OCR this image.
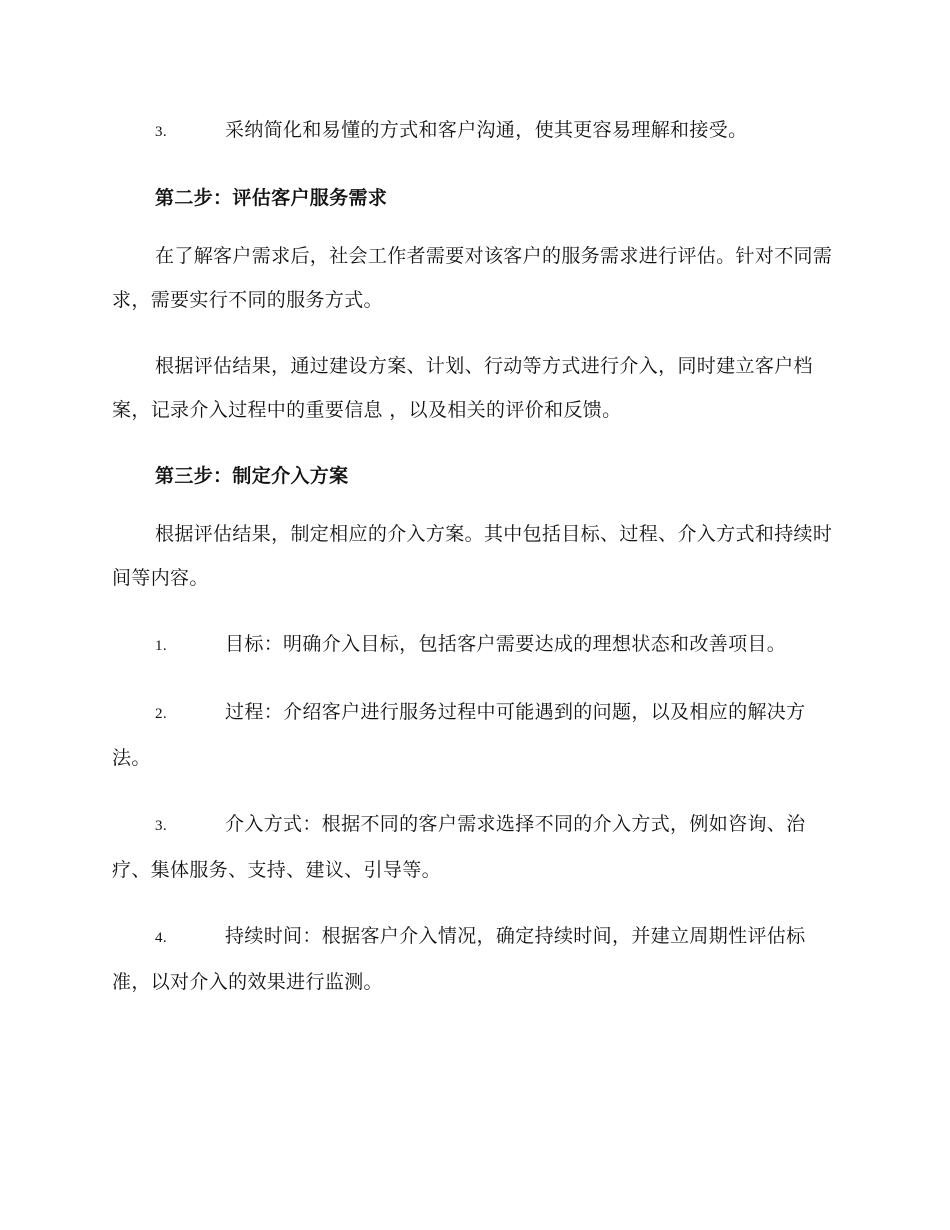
3.	采纳简化和易懂的方式和客户沟通，使其更容易理解和接受。

第二步：评估客户服务需求

在了解客户需求后，社会工作者需要对该客户的服务需求进行评估。针对不同需求，需要实行不同的服务方式。

根据评估结果，通过建设方案、计划、行动等方式进行介入，同时建立客户档案，记录介入过程中的重要信息 ，以及相关的评价和反馈。

第三步：制定介入方案

根据评估结果，制定相应的介入方案。其中包括目标、过程、介入方式和持续时间等内容。

1.	目标：明确介入目标，包括客户需要达成的理想状态和改善项目。

2.	过程：介绍客户进行服务过程中可能遇到的问题，以及相应的解决方法。

3.	介入方式：根据不同的客户需求选择不同的介入方式，例如咨询、治疗、集体服务、支持、建议、引导等。

4.	持续时间：根据客户介入情况，确定持续时间，并建立周期性评估标准，以对介入的效果进行监测。
